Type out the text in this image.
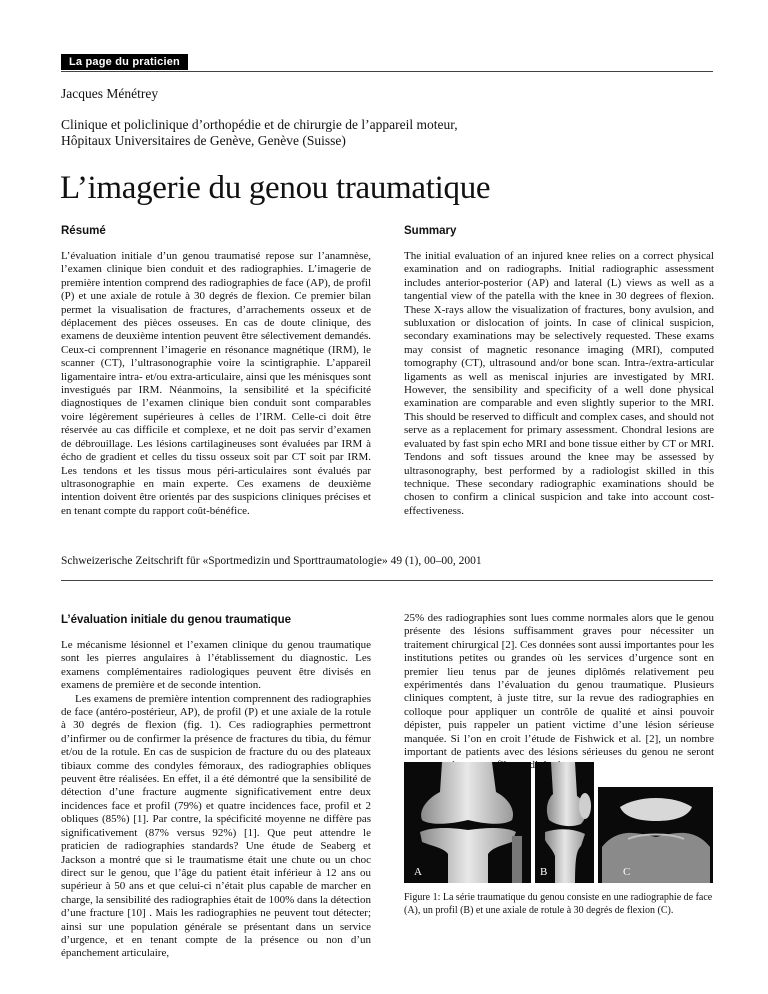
La page du praticien
Jacques Ménétrey
Clinique et policlinique d’orthopédie et de chirurgie de l’appareil moteur,
Hôpitaux Universitaires de Genève, Genève (Suisse)
L’imagerie du genou traumatique
Résumé	Summary

L’évaluation initiale d’un genou traumatisé repose sur l’anamnèse, l’examen clinique bien conduit et des radiographies. L’imagerie de première intention comprend des radiographies de face (AP), de profil (P) et une axiale de rotule à 30 degrés de flexion. Ce premier bilan permet la visualisation de fractures, d’arrachements osseux et de déplacement des pièces osseuses. En cas de doute clinique, des examens de deuxième intention peuvent être sélectivement demandés. Ceux-ci comprennent l’imagerie en résonance magnétique (IRM), le scanner (CT), l’ultrasonographie voire la scintigraphie. L’appareil ligamentaire intra- et/ou extra-articulaire, ainsi que les ménisques sont investigués par IRM. Néanmoins, la sensibilité et la spécificité diagnostiques de l’examen clinique bien conduit sont comparables voire légèrement supérieures à celles de l’IRM. Celle-ci doit être réservée au cas difficile et complexe, et ne doit pas servir d’examen de débrouillage. Les lésions cartilagineuses sont évaluées par IRM à écho de gradient et celles du tissu osseux soit par CT soit par IRM. Les tendons et les tissus mous péri-articulaires sont évalués par ultrasonographie en main experte. Ces examens de deuxième intention doivent être orientés par des suspicions cliniques précises et en tenant compte du rapport coût-bénéfice.

The initial evaluation of an injured knee relies on a correct physical examination and on radiographs. Initial radiographic assessment includes anterior-posterior (AP) and lateral (L) views as well as a tangential view of the patella with the knee in 30 degrees of flexion. These X-rays allow the visualization of fractures, bony avulsion, and subluxation or dislocation of joints. In case of clinical suspicion, secondary examinations may be selectively requested. These exams may consist of magnetic resonance imaging (MRI), computed tomography (CT), ultrasound and/or bone scan. Intra-/extra-articular ligaments as well as meniscal injuries are investigated by MRI. However, the sensibility and specificity of a well done physical examination are comparable and even slightly superior to the MRI. This should be reserved to difficult and complex cases, and should not serve as a replacement for primary assessment. Chondral lesions are evaluated by fast spin echo MRI and bone tissue either by CT or MRI. Tendons and soft tissues around the knee may be assessed by ultrasonography, best performed by a radiologist skilled in this technique. These secondary radiographic examinations should be chosen to confirm a clinical suspicion and take into account cost-effectiveness.

Schweizerische Zeitschrift für «Sportmedizin und Sporttraumatologie» 49 (1), 00–00, 2001
L’évaluation initiale du genou traumatique

Le mécanisme lésionnel et l’examen clinique du genou traumatique sont les pierres angulaires à l’établissement du diagnostic. Les examens complémentaires radiologiques peuvent être divisés en examens de première et de seconde intention.

Les examens de première intention comprennent des radiographies de face (antéro-postérieur, AP), de profil (P) et une axiale de la rotule à 30 degrés de flexion (fig. 1). Ces radiographies permettront d’infirmer ou de confirmer la présence de fractures du tibia, du fémur et/ou de la rotule. En cas de suspicion de fracture du ou des plateaux tibiaux comme des condyles fémoraux, des radiographies obliques peuvent être réalisées. En effet, il a été démontré que la sensibilité de détection d’une fracture augmente significativement entre deux incidences face et profil (79%) et quatre incidences face, profil et 2 obliques (85%) [1]. Par contre, la spécificité moyenne ne diffère pas significativement (87% versus 92%) [1]. Que peut attendre le praticien de radiographies standards? Une étude de Seaberg et Jackson a montré que si le traumatisme était une chute ou un choc direct sur le genou, que l’âge du patient était inférieur à 12 ans ou supérieur à 50 ans et que celui-ci n’était plus capable de marcher en charge, la sensibilité des radiographies était de 100% dans la détection d’une fracture [10] . Mais les radiographies ne peuvent tout détecter; ainsi sur une population générale se présentant dans un service d’urgence, et en tenant compte de la présence ou non d’un épanchement articulaire,

25% des radiographies sont lues comme normales alors que le genou présente des lésions suffisamment graves pour nécessiter un traitement chirurgical [2]. Ces données sont aussi importantes pour les institutions petites ou grandes où les services d’urgence sont en premier lieu tenus par de jeunes diplômés relativement peu expérimentés dans l’évaluation du genou traumatique. Plusieurs cliniques comptent, à juste titre, sur la revue des radiographies en colloque pour appliquer un contrôle de qualité et ainsi pouvoir dépister, puis rappeler un patient victime d’une lésion sérieuse manquée. Si l’on en croit l’étude de Fishwick et al. [2], un nombre important de patients avec des lésions sérieuses du genou ne seront

A	B	C
Figure 1: La série traumatique du genou consiste en une radiographie de face (A), un profil (B) et une axiale de rotule à 30 degrés de flexion (C).
